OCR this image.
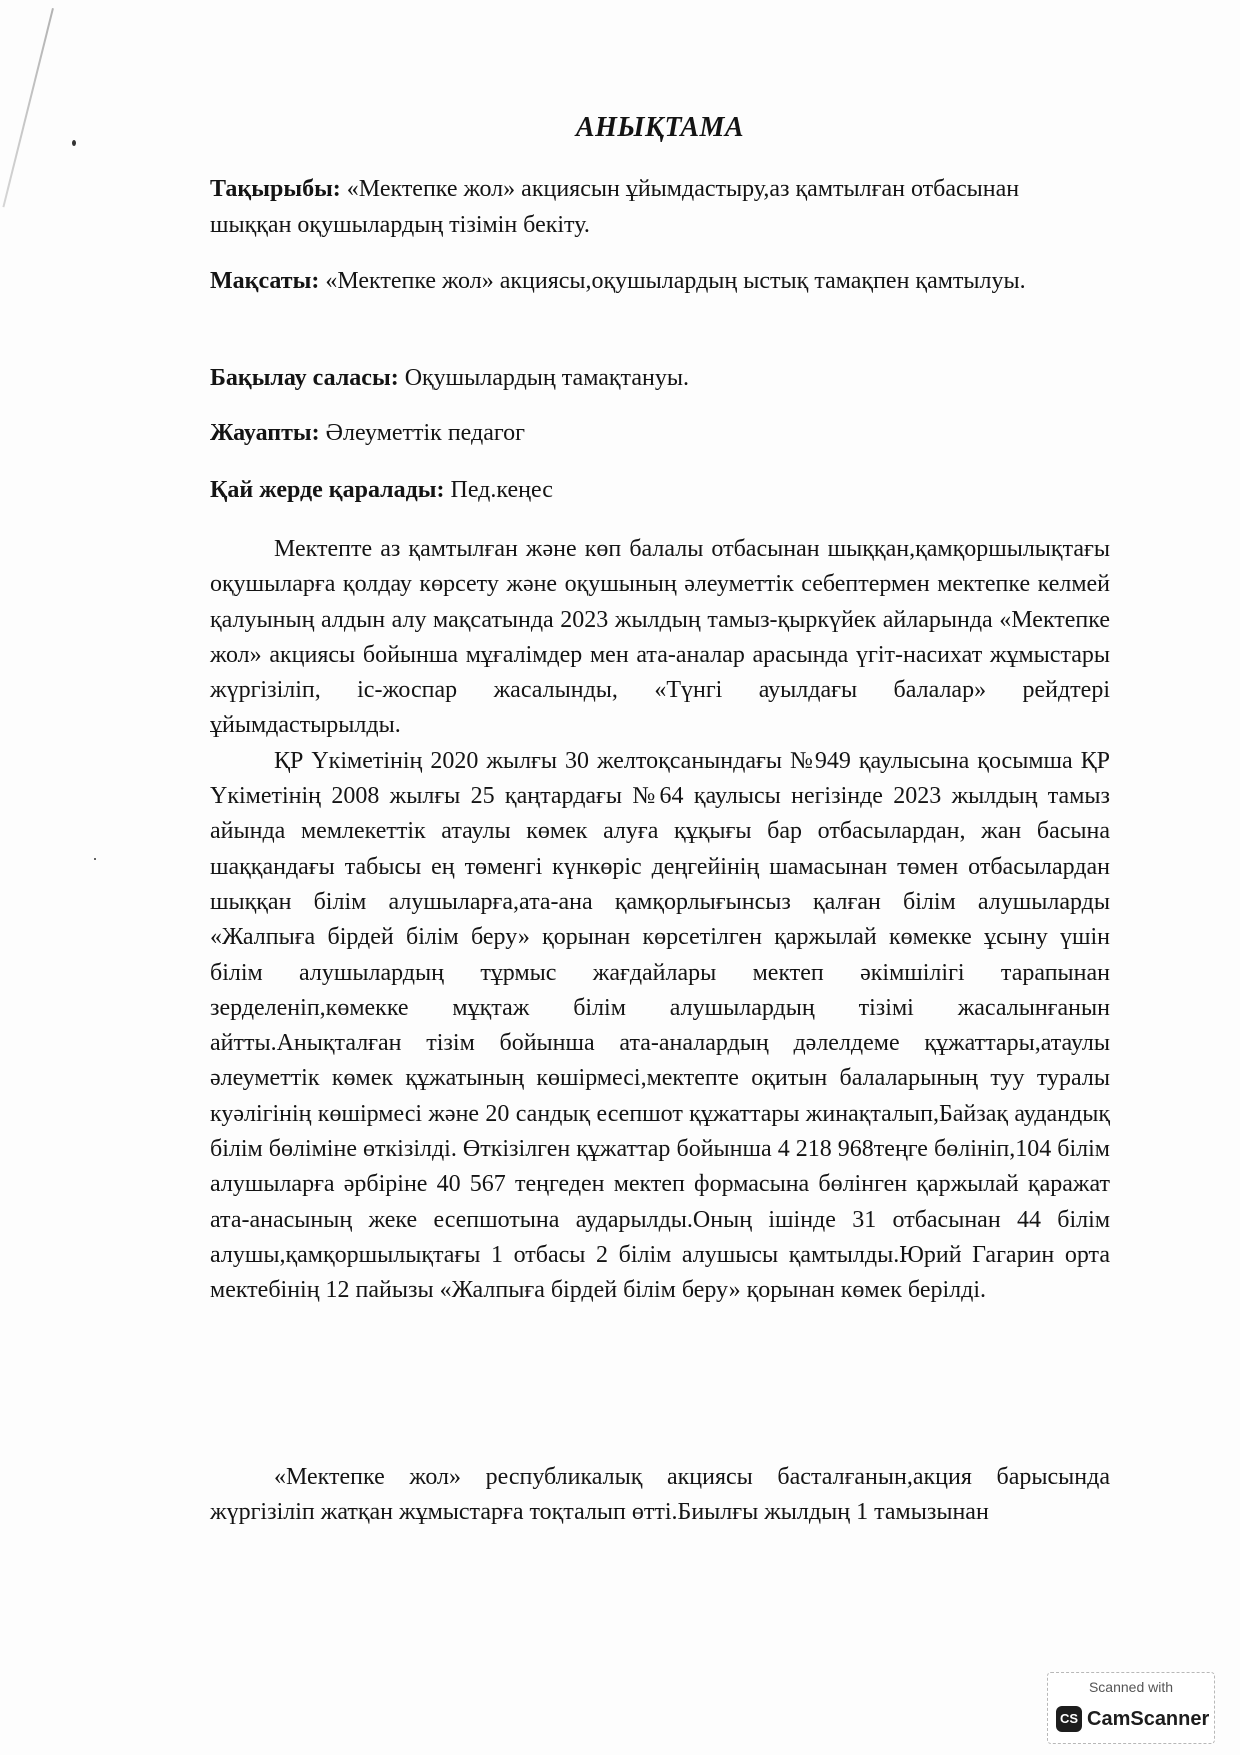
АНЫҚТАМА
Тақырыбы: «Мектепке жол» акциясын ұйымдастыру,аз қамтылған отбасынан шыққан оқушылардың тізімін бекіту.
Мақсаты: «Мектепке жол» акциясы,оқушылардың ыстық тамақпен қамтылуы.
Бақылау саласы: Оқушылардың тамақтануы.
Жауапты: Әлеуметтік педагог
Қай жерде қаралады: Пед.кеңес

Мектепте аз қамтылған және көп балалы отбасынан шыққан,қамқоршылықтағы оқушыларға қолдау көрсету және оқушының әлеуметтік себептермен мектепке келмей қалуының алдын алу мақсатында 2023 жылдың тамыз-қыркүйек айларында «Мектепке жол» акциясы бойынша мұғалімдер мен ата-аналар арасында үгіт-насихат жұмыстары жүргізіліп, іс-жоспар жасалынды, «Түнгі ауылдағы балалар» рейдтері ұйымдастырылды.

ҚР Үкіметінің 2020 жылғы 30 желтоқсанындағы №949 қаулысына қосымша ҚР Үкіметінің 2008 жылғы 25 қаңтардағы №64 қаулысы негізінде 2023 жылдың тамыз айында мемлекеттік атаулы көмек алуға құқығы бар отбасылардан, жан басына шаққандағы табысы ең төменгі күнкөріс деңгейінің шамасынан төмен отбасылардан шыққан білім алушыларға,ата-ана қамқорлығынсыз қалған білім алушыларды «Жалпыға бірдей білім беру» қорынан көрсетілген қаржылай көмекке ұсыну үшін білім алушылардың тұрмыс жағдайлары мектеп әкімшілігі тарапынан зерделеніп,көмекке мұқтаж білім алушылардың тізімі жасалынғанын айтты.Анықталған тізім бойынша ата-аналардың дәлелдеме құжаттары,атаулы әлеуметтік көмек құжатының көшірмесі,мектепте оқитын балаларының туу туралы куәлігінің көшірмесі және 20 сандық есепшот құжаттары жинақталып,Байзақ аудандық білім бөліміне өткізілді. Өткізілген құжаттар бойынша 4 218 968теңге бөлініп,104 білім алушыларға әрбіріне 40 567 теңгеден мектеп формасына бөлінген қаржылай қаражат ата-анасының жеке есепшотына аударылды.Оның ішінде 31 отбасынан 44 білім алушы,қамқоршылықтағы 1 отбасы 2 білім алушысы қамтылды.Юрий Гагарин орта мектебінің 12 пайызы «Жалпыға бірдей білім беру» қорынан көмек берілді.

«Мектепке жол» республикалық акциясы басталғанын,акция барысында жүргізіліп жатқан жұмыстарға тоқталып өтті.Биылғы жылдың 1 тамызынан

Scanned with
CS CamScanner
